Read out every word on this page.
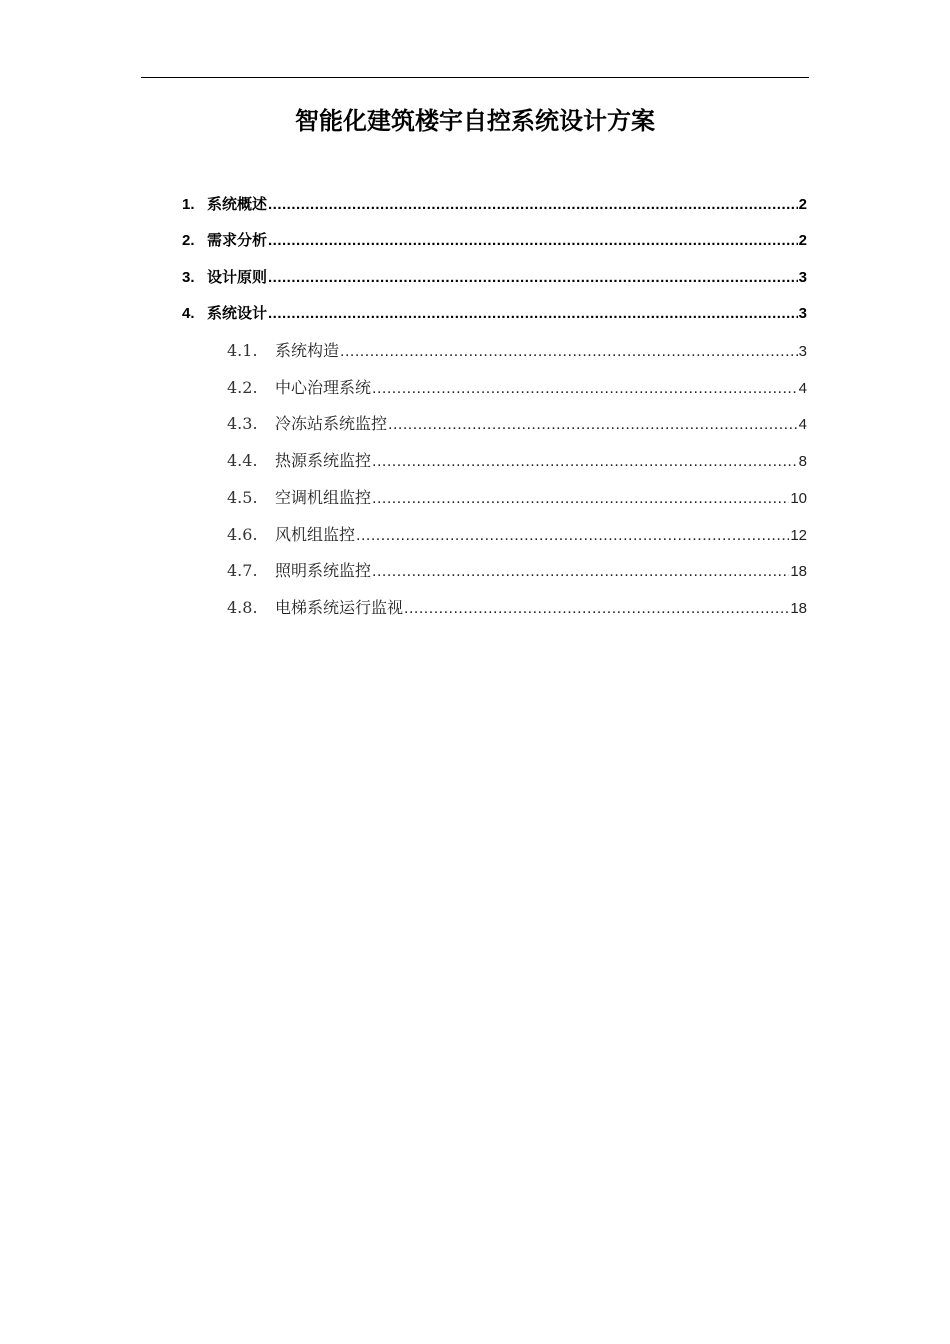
智能化建筑楼宇自控系统设计方案
1. 系统概述 .....	2
2. 需求分析 .....	2
3. 设计原则 .....	3
4. 系统设计 .....	3
4.1.	系统构造 .....	3
4.2.	中心治理系统 .....	4
4.3.	冷冻站系统监控 .....	4
4.4.	热源系统监控 .....	8
4.5.	空调机组监控 .....	10
4.6.	风机组监控 .....	12
4.7.	照明系统监控 .....	18
4.8.	电梯系统运行监视 .....	18
